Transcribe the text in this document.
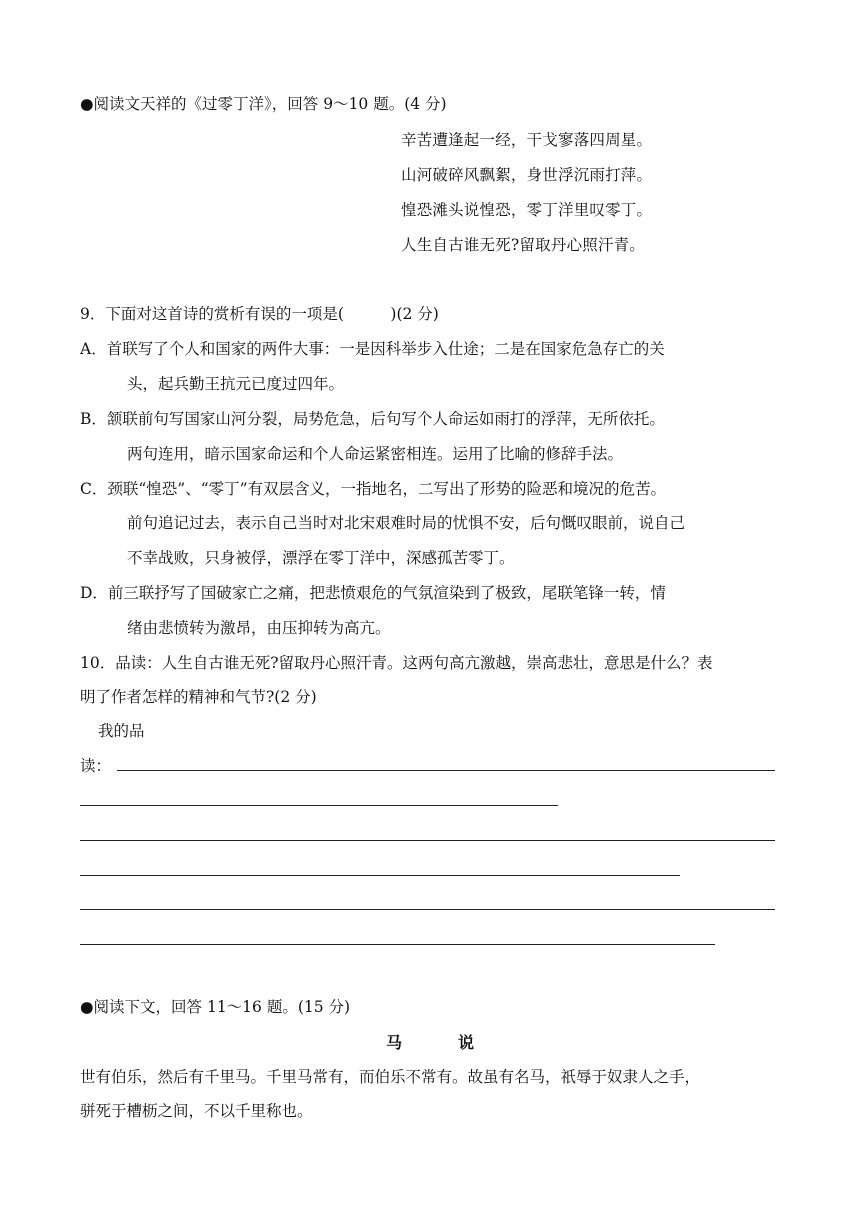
●阅读文天祥的《过零丁洋》，回答 9～10 题。(4 分)
辛苦遭逢起一经，干戈寥落四周星。
山河破碎风飘絮，身世浮沉雨打萍。
惶恐滩头说惶恐，零丁洋里叹零丁。
人生自古谁无死?留取丹心照汗青。
9．下面对这首诗的赏析有误的一项是(　　　)(2 分)
A．首联写了个人和国家的两件大事：一是因科举步入仕途；二是在国家危急存亡的关
头，起兵勤王抗元已度过四年。
B．颔联前句写国家山河分裂，局势危急，后句写个人命运如雨打的浮萍，无所依托。
两句连用，暗示国家命运和个人命运紧密相连。运用了比喻的修辞手法。
C．颈联“惶恐”、“零丁”有双层含义，一指地名，二写出了形势的险恶和境况的危苦。
前句追记过去，表示自己当时对北宋艰难时局的忧惧不安，后句慨叹眼前，说自己
不幸战败，只身被俘，漂浮在零丁洋中，深感孤苦零丁。
D．前三联抒写了国破家亡之痛，把悲愤艰危的气氛渲染到了极致，尾联笔锋一转，情
绪由悲愤转为激昂，由压抑转为高亢。
10．品读：人生自古谁无死?留取丹心照汗青。这两句高亢激越，崇高悲壮，意思是什么？表
明了作者怎样的精神和气节?(2 分)
我的品
读：
●阅读下文，回答 11～16 题。(15 分)
马	说
世有伯乐，然后有千里马。千里马常有，而伯乐不常有。故虽有名马，祇辱于奴隶人之手，
骈死于槽枥之间，不以千里称也。
